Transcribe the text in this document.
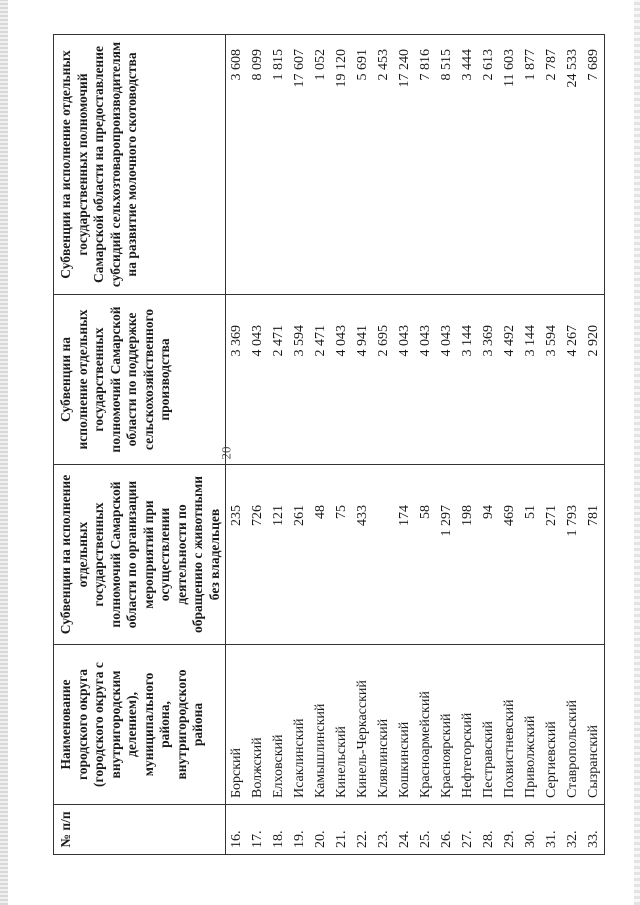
20
№ п/п	Наименование городского округа (городского округа с внутригородским делением), муниципального района, внутригородского района	Субвенции на исполнение отдельных государственных полномочий Самарской области по организации мероприятий при осуществлении деятельности по обращению с животными без владельцев	Субвенции на исполнение отдельных государственных полномочий Самарской области по поддержке сельскохозяйственного производства	Субвенции на исполнение отдельных государственных полномочий Самарской области на предоставление субсидий сельхозтоваропроизводителям на развитие молочного скотоводства
16.	Борский	235	3 369	3 608
17.	Волжский	726	4 043	8 099
18.	Елховский	121	2 471	1 815
19.	Исаклинский	261	3 594	17 607
20.	Камышлинский	48	2 471	1 052
21.	Кинельский	75	4 043	19 120
22.	Кинель-Черкасский	433	4 941	5 691
23.	Клявлинский		2 695	2 453
24.	Кошкинский	174	4 043	17 240
25.	Красноармейский	58	4 043	7 816
26.	Красноярский	1 297	4 043	8 515
27.	Нефтегорский	198	3 144	3 444
28.	Пестравский	94	3 369	2 613
29.	Похвистневский	469	4 492	11 603
30.	Приволжский	51	3 144	1 877
31.	Сергиевский	271	3 594	2 787
32.	Ставропольский	1 793	4 267	24 533
33.	Сызранский	781	2 920	7 689
